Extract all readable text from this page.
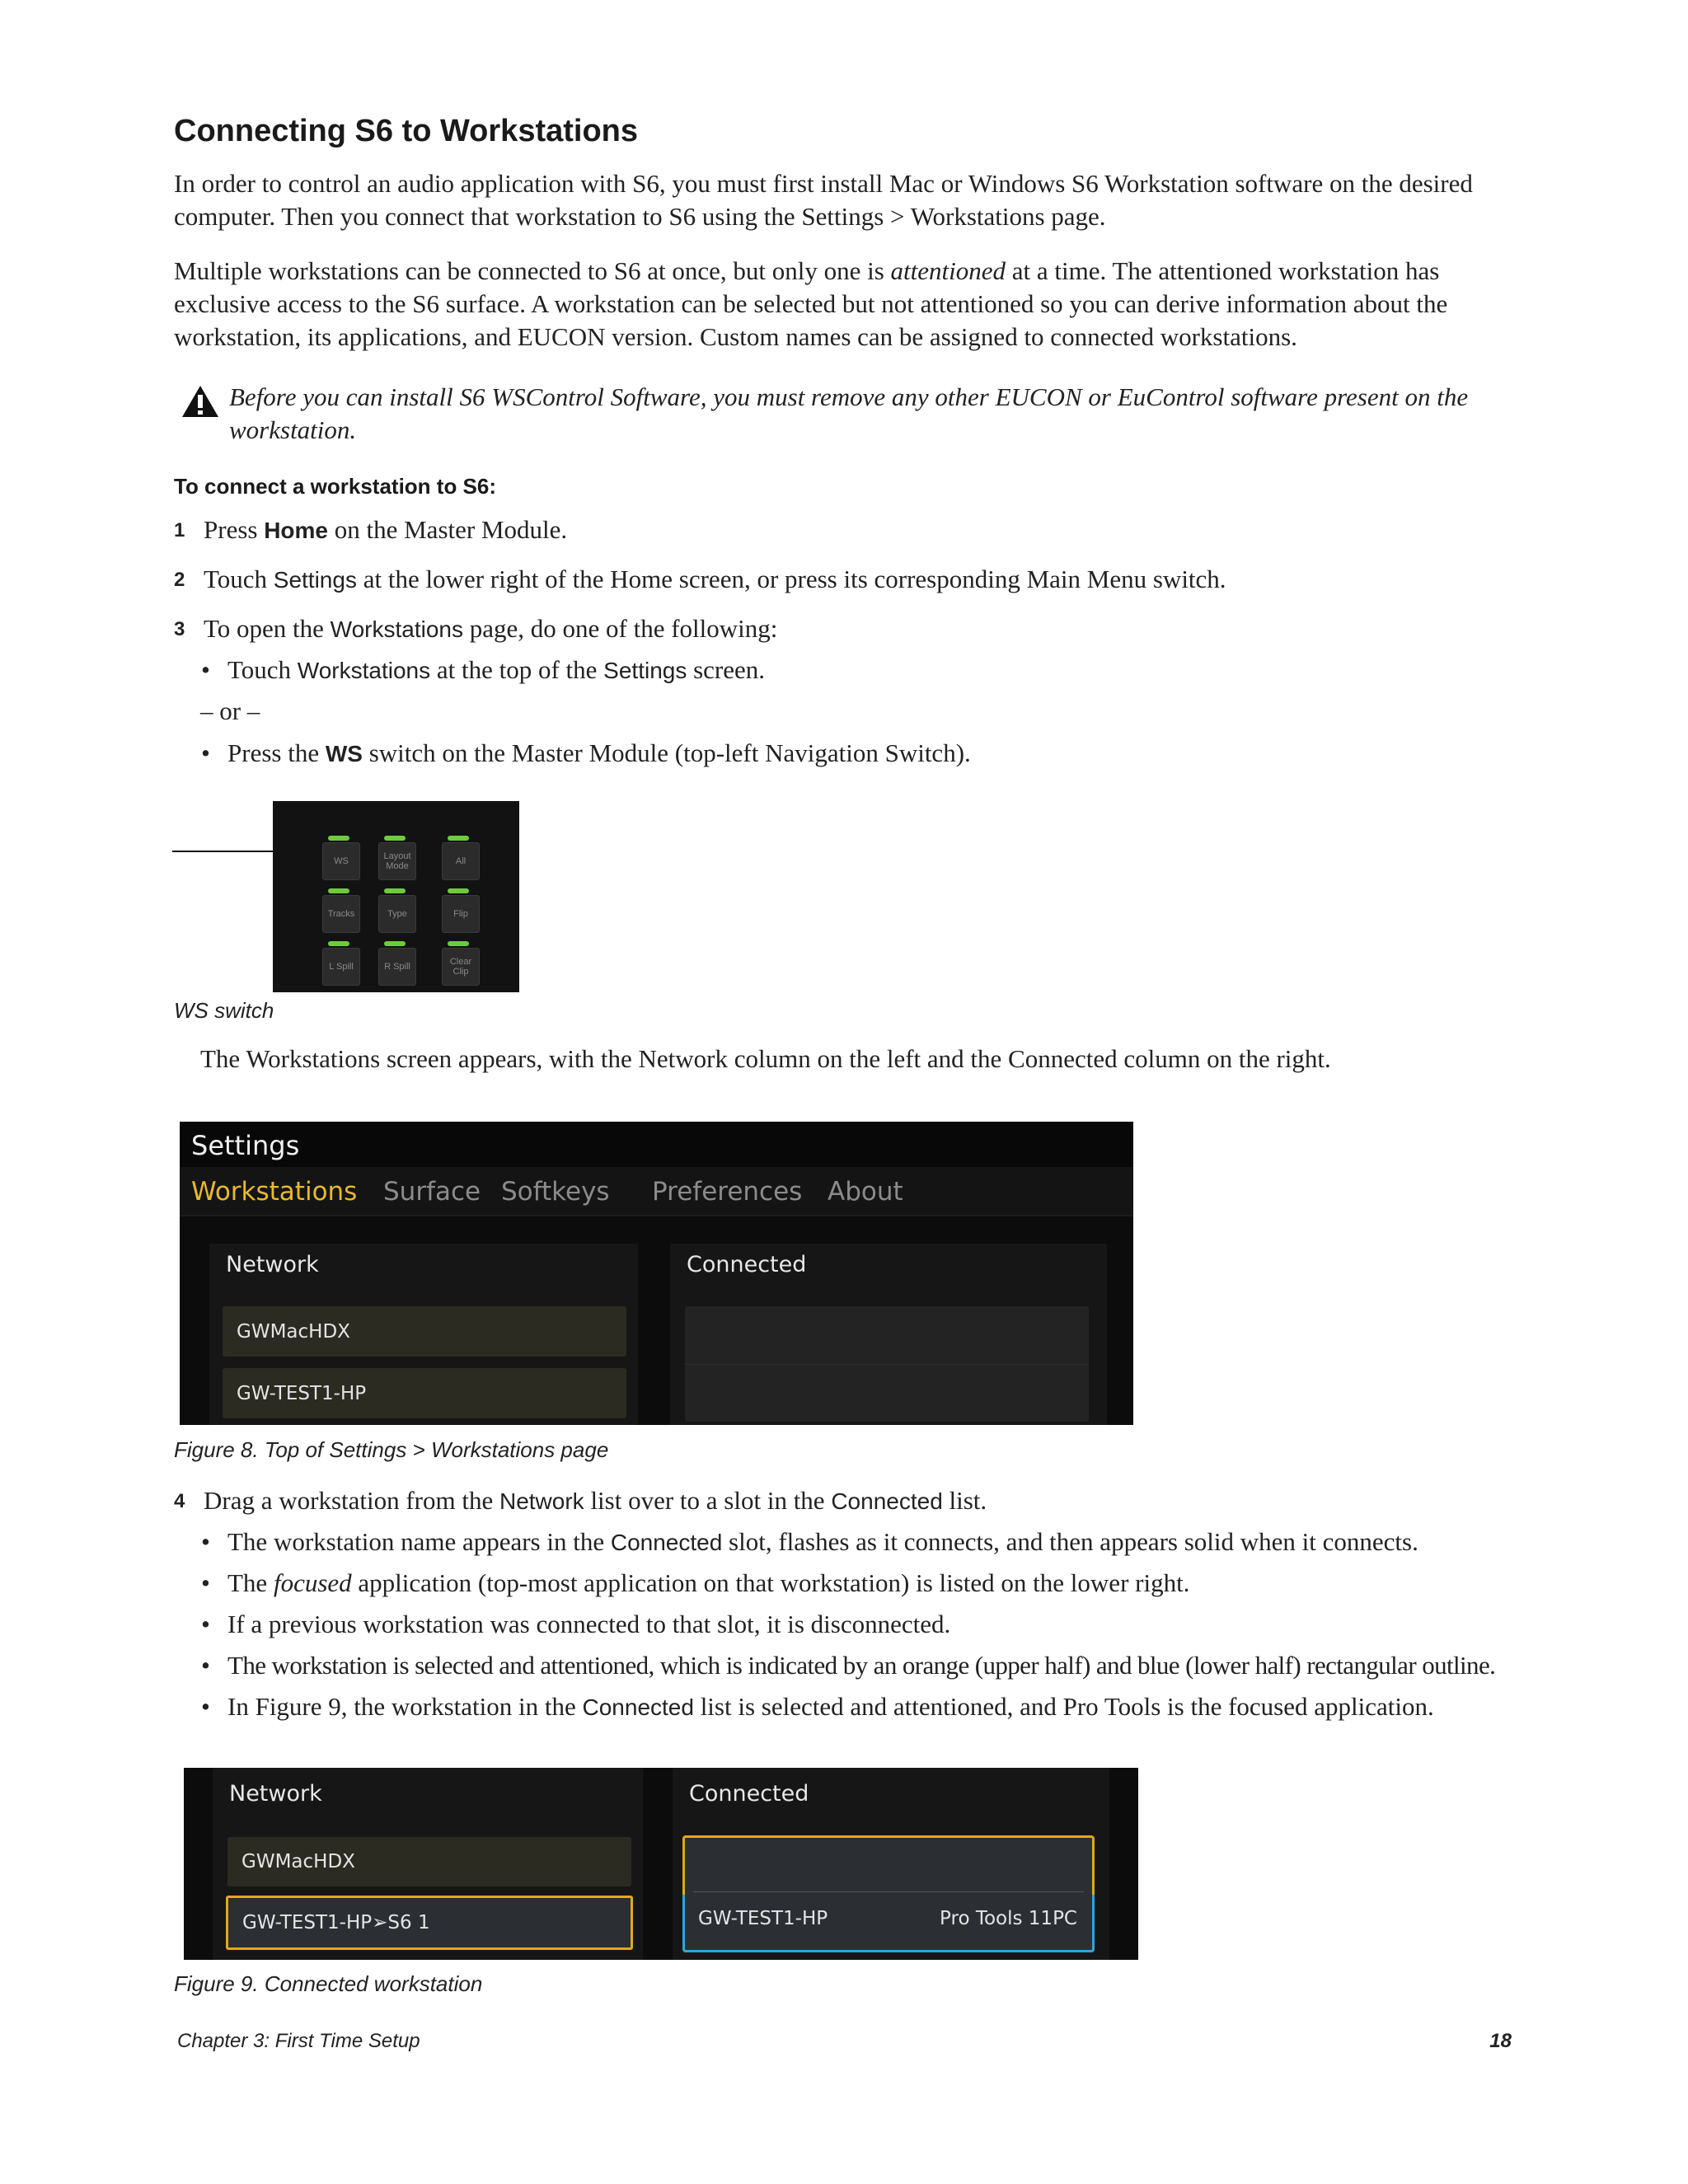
Connecting S6 to Workstations
In order to control an audio application with S6, you must first install Mac or Windows S6 Workstation software on the desired computer. Then you connect that workstation to S6 using the Settings > Workstations page.
Multiple workstations can be connected to S6 at once, but only one is attentioned at a time. The attentioned workstation has exclusive access to the S6 surface. A workstation can be selected but not attentioned so you can derive information about the workstation, its applications, and EUCON version. Custom names can be assigned to connected workstations.
Before you can install S6 WSControl Software, you must remove any other EUCON or EuControl software present on the workstation.
To connect a workstation to S6:
1 Press Home on the Master Module.
2 Touch Settings at the lower right of the Home screen, or press its corresponding Main Menu switch.
3 To open the Workstations page, do one of the following:
• Touch Workstations at the top of the Settings screen.
– or –
• Press the WS switch on the Master Module (top-left Navigation Switch).
WS	Layout Mode	All
Tracks	Type	Flip
L Spill	R Spill	Clear Clip
WS switch
The Workstations screen appears, with the Network column on the left and the Connected column on the right.
Settings
Workstations Surface Softkeys Preferences About
Network
GWMacHDX
GW-TEST1-HP
Connected
Figure 8. Top of Settings > Workstations page
4 Drag a workstation from the Network list over to a slot in the Connected list.
• The workstation name appears in the Connected slot, flashes as it connects, and then appears solid when it connects.
• The focused application (top-most application on that workstation) is listed on the lower right.
• If a previous workstation was connected to that slot, it is disconnected.
• The workstation is selected and attentioned, which is indicated by an orange (upper half) and blue (lower half) rectangular outline.
• In Figure 9, the workstation in the Connected list is selected and attentioned, and Pro Tools is the focused application.
Network
GWMacHDX
GW-TEST1-HP➢S6 1
Connected
GW-TEST1-HP	Pro Tools 11PC
Figure 9. Connected workstation
Chapter 3: First Time Setup	18
